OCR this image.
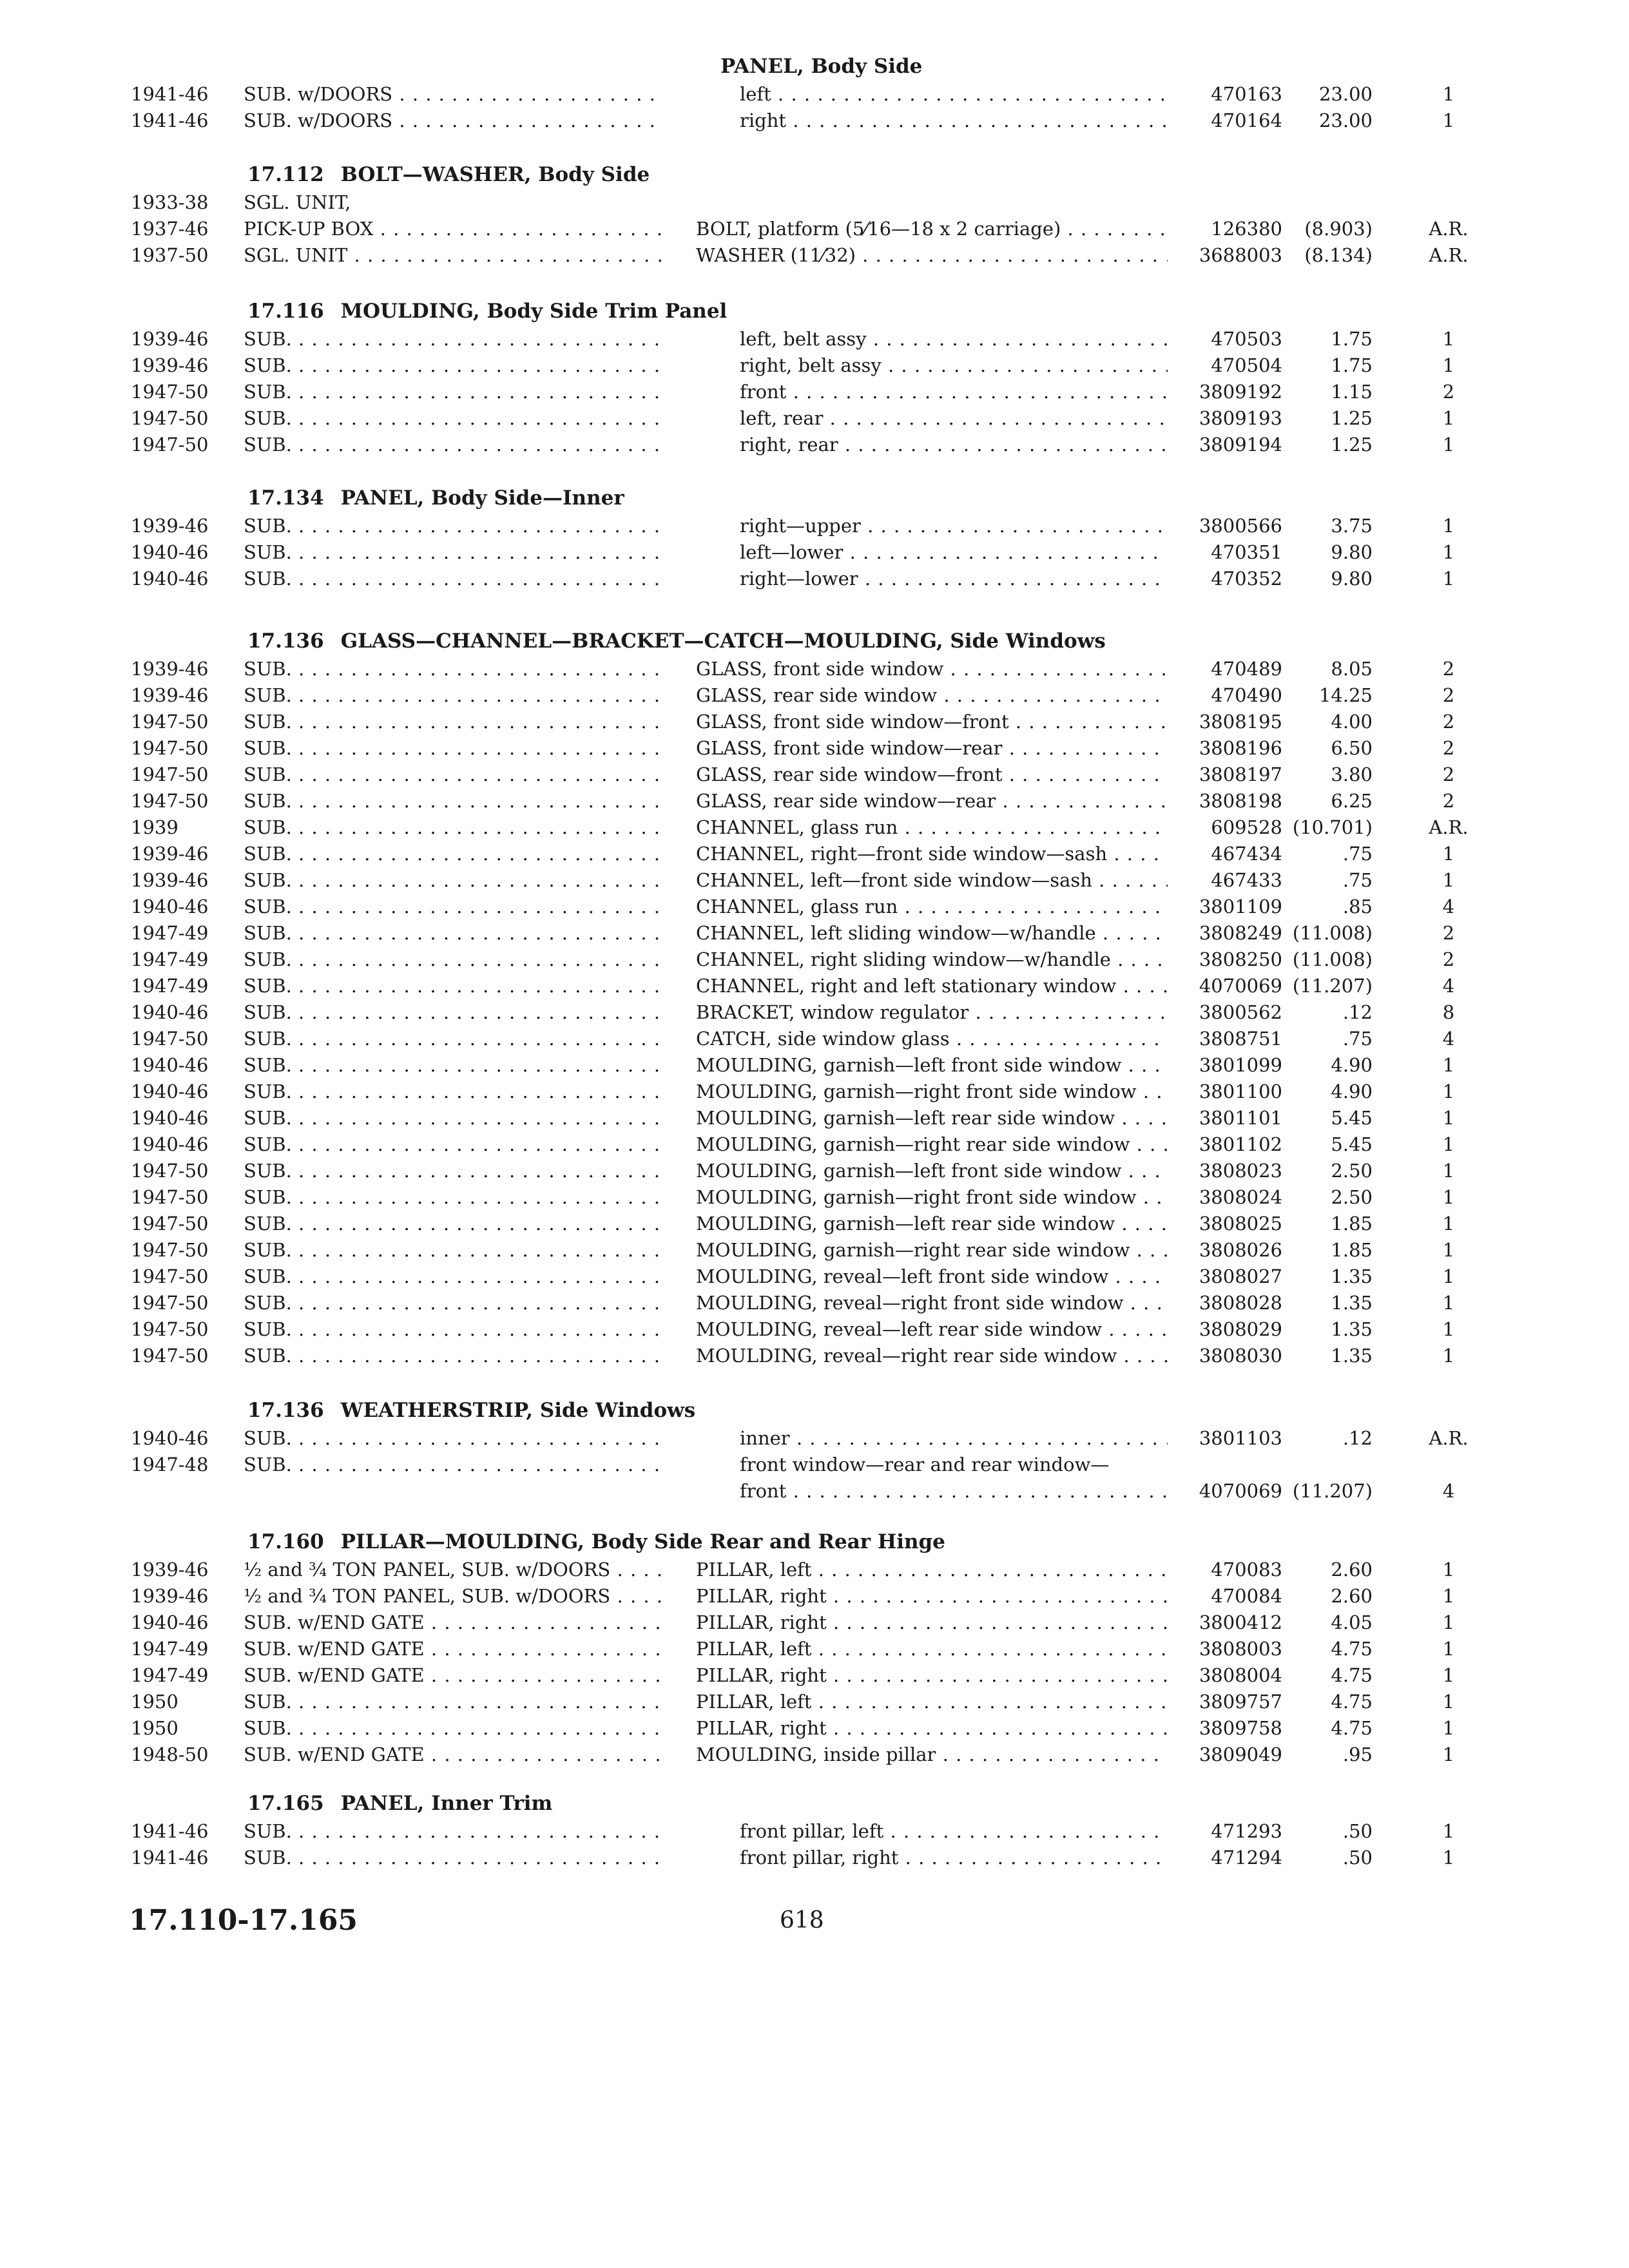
PANEL, Body Side
1941-46 SUB. w/DOORS . . .	left . . .	470163	23.00	1
1941-46 SUB. w/DOORS . . .	right . . .	470164	23.00	1
17.112 BOLT—WASHER, Body Side
1933-38 SGL. UNIT,
1937-46 PICK-UP BOX . . .	BOLT, platform (5⁄16—18 x 2 carriage) . . .	126380	(8.903)	A.R.
1937-50 SGL. UNIT . . .	WASHER (11⁄32) . . .	3688003	(8.134)	A.R.
17.116 MOULDING, Body Side Trim Panel
1939-46 SUB. . . .	left, belt assy . . .	470503	1.75	1
1939-46 SUB. . . .	right, belt assy . . .	470504	1.75	1
1947-50 SUB. . . .	front . . .	3809192	1.15	2
1947-50 SUB. . . .	left, rear . . .	3809193	1.25	1
1947-50 SUB. . . .	right, rear . . .	3809194	1.25	1
17.134 PANEL, Body Side—Inner
1939-46 SUB. . . .	right—upper . . .	3800566	3.75	1
1940-46 SUB. . . .	left—lower . . .	470351	9.80	1
1940-46 SUB. . . .	right—lower . . .	470352	9.80	1
17.136 GLASS—CHANNEL—BRACKET—CATCH—MOULDING, Side Windows
1939-46 SUB. . . .	GLASS, front side window . . .	470489	8.05	2
1939-46 SUB. . . .	GLASS, rear side window . . .	470490	14.25	2
1947-50 SUB. . . .	GLASS, front side window—front . . .	3808195	4.00	2
1947-50 SUB. . . .	GLASS, front side window—rear . . .	3808196	6.50	2
1947-50 SUB. . . .	GLASS, rear side window—front . . .	3808197	3.80	2
1947-50 SUB. . . .	GLASS, rear side window—rear . . .	3808198	6.25	2
1939	SUB. . . .	CHANNEL, glass run . . .	609528 (10.701)	A.R.
1939-46 SUB. . . .	CHANNEL, right—front side window—sash . . .	467434	.75	1
1939-46 SUB. . . .	CHANNEL, left—front side window—sash . . .	467433	.75	1
1940-46 SUB. . . .	CHANNEL, glass run . . .	3801109	.85	4
1947-49 SUB. . . .	CHANNEL, left sliding window—w/handle . . .	3808249 (11.008)	2
1947-49 SUB. . . .	CHANNEL, right sliding window—w/handle . . .	3808250 (11.008)	2
1947-49 SUB. . . .	CHANNEL, right and left stationary window . . .	4070069 (11.207)	4
1940-46 SUB. . . .	BRACKET, window regulator . . .	3800562	.12	8
1947-50 SUB. . . .	CATCH, side window glass . . .	3808751	.75	4
1940-46 SUB. . . .	MOULDING, garnish—left front side window . . .	3801099	4.90	1
1940-46 SUB. . . .	MOULDING, garnish—right front side window . . .	3801100	4.90	1
1940-46 SUB. . . .	MOULDING, garnish—left rear side window . . .	3801101	5.45	1
1940-46 SUB. . . .	MOULDING, garnish—right rear side window . . .	3801102	5.45	1
1947-50 SUB. . . .	MOULDING, garnish—left front side window . . .	3808023	2.50	1
1947-50 SUB. . . .	MOULDING, garnish—right front side window . . .	3808024	2.50	1
1947-50 SUB. . . .	MOULDING, garnish—left rear side window . . .	3808025	1.85	1
1947-50 SUB. . . .	MOULDING, garnish—right rear side window . . .	3808026	1.85	1
1947-50 SUB. . . .	MOULDING, reveal—left front side window . . .	3808027	1.35	1
1947-50 SUB. . . .	MOULDING, reveal—right front side window . . .	3808028	1.35	1
1947-50 SUB. . . .	MOULDING, reveal—left rear side window . . .	3808029	1.35	1
1947-50 SUB. . . .	MOULDING, reveal—right rear side window . . .	3808030	1.35	1
17.136 WEATHERSTRIP, Side Windows
1940-46 SUB. . . .	inner . . .	3801103	.12	A.R.
1947-48 SUB. . . .	front window—rear and rear window—
front . . .	4070069 (11.207)	4
17.160 PILLAR—MOULDING, Body Side Rear and Rear Hinge
1939-46 ½ and ¾ TON PANEL, SUB. w/DOORS . . .	PILLAR, left . . .	470083	2.60	1
1939-46 ½ and ¾ TON PANEL, SUB. w/DOORS . . .	PILLAR, right . . .	470084	2.60	1
1940-46 SUB. w/END GATE . . .	PILLAR, right . . .	3800412	4.05	1
1947-49 SUB. w/END GATE . . .	PILLAR, left . . .	3808003	4.75	1
1947-49 SUB. w/END GATE . . .	PILLAR, right . . .	3808004	4.75	1
1950	SUB. . . .	PILLAR, left . . .	3809757	4.75	1
1950	SUB. . . .	PILLAR, right . . .	3809758	4.75	1
1948-50 SUB. w/END GATE . . .	MOULDING, inside pillar . . .	3809049	.95	1
17.165 PANEL, Inner Trim
1941-46 SUB. . . .	front pillar, left . . .	471293	.50	1
1941-46 SUB. . . .	front pillar, right . . .	471294	.50	1
17.110-17.165	618
